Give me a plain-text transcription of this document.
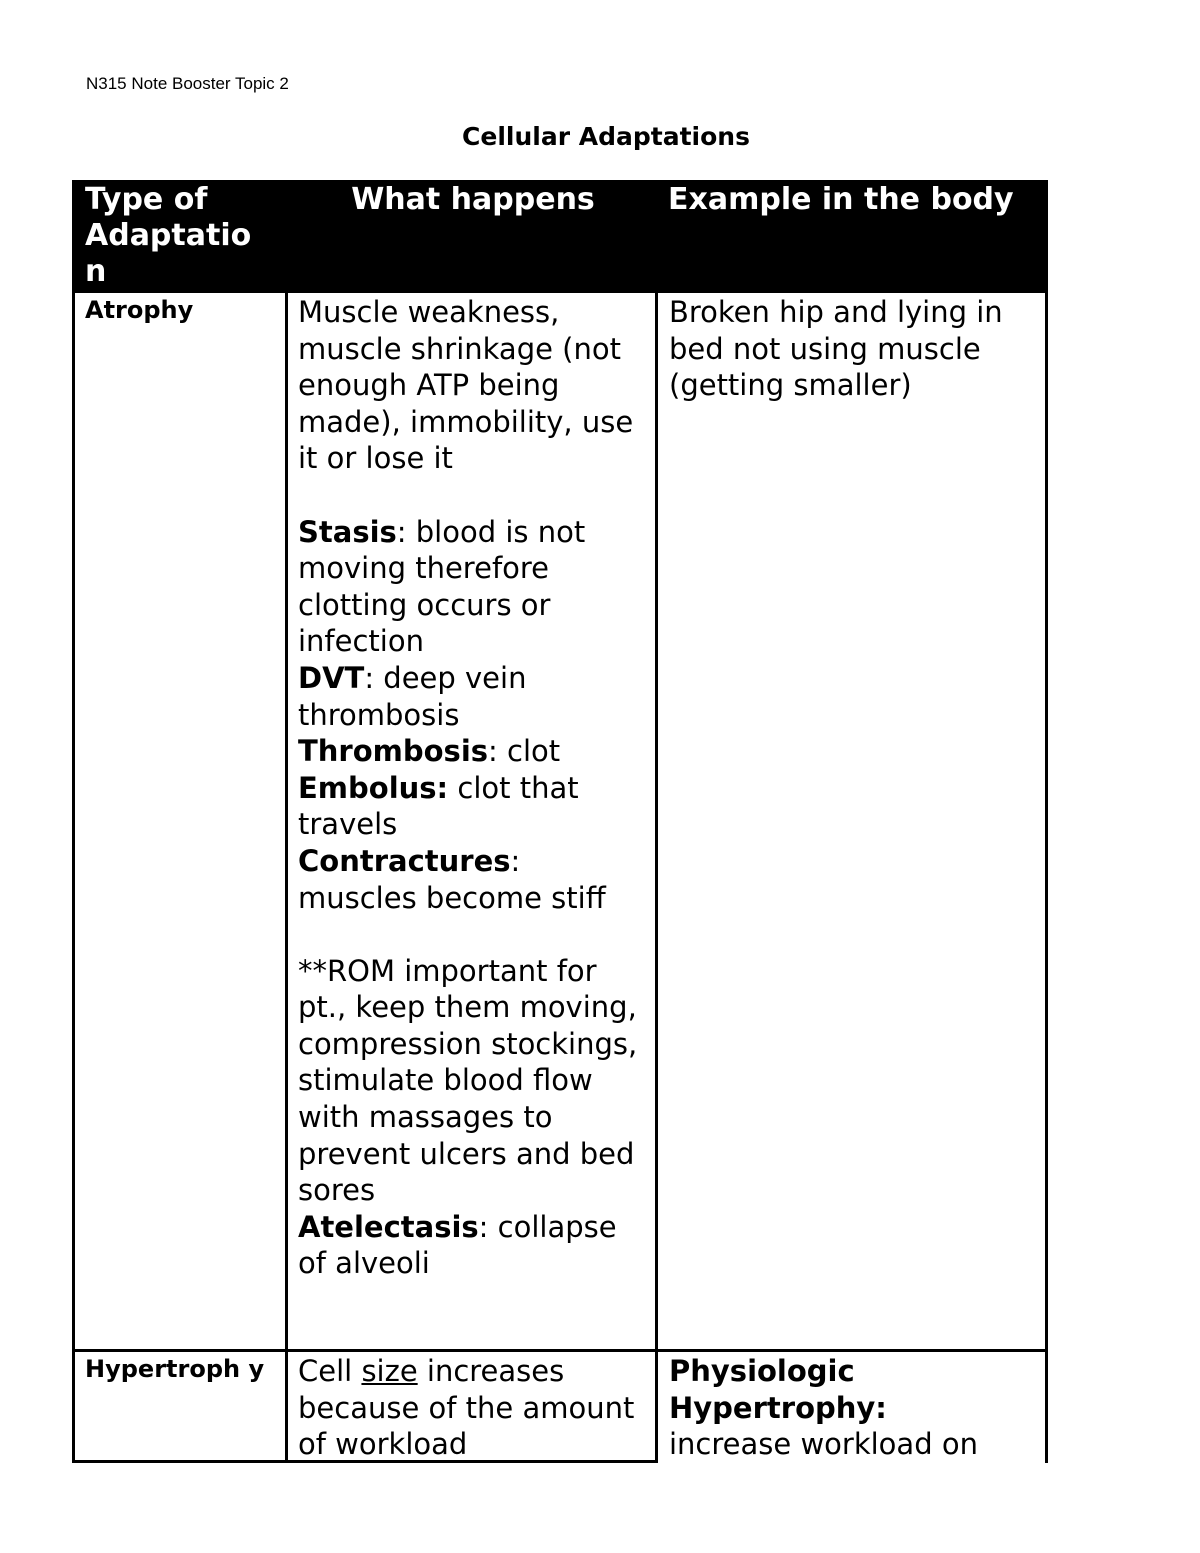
N315 Note Booster Topic 2
Cellular Adaptations
Type of Adaptatio n
What happens	Example in the body
Atrophy	Muscle weakness, muscle shrinkage (not enough ATP being made), immobility, use it or lose it
Stasis: blood is not moving therefore clotting occurs or infection
DVT: deep vein thrombosis
Thrombosis: clot
Embolus: clot that travels
Contractures: muscles become stiff
**ROM important for pt., keep them moving, compression stockings, stimulate blood flow with massages to prevent ulcers and bed sores
Atelectasis: collapse of alveoli
Broken hip and lying in bed not using muscle (getting smaller)
Hypertroph y Cell size increases because of the amount of workload
Physiologic Hypertrophy:
increase workload on
